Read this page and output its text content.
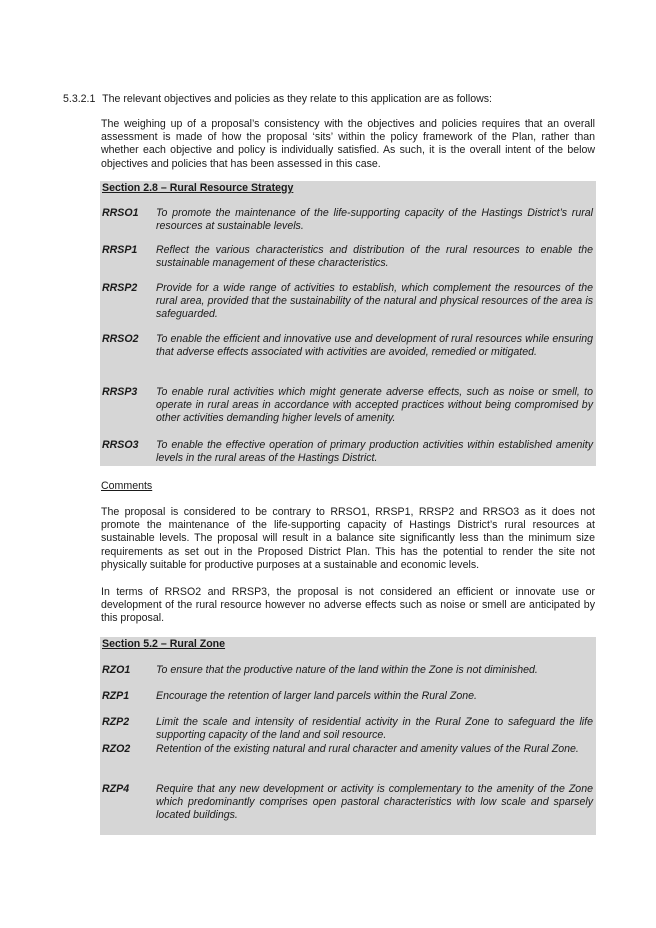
5.3.2.1 The relevant objectives and policies as they relate to this application are as follows:
The weighing up of a proposal’s consistency with the objectives and policies requires that an overall assessment is made of how the proposal ‘sits’ within the policy framework of the Plan, rather than whether each objective and policy is individually satisfied. As such, it is the overall intent of the below objectives and policies that has been assessed in this case.
Section 2.8 – Rural Resource Strategy
RRSO1 To promote the maintenance of the life-supporting capacity of the Hastings District’s rural resources at sustainable levels.
RRSP1 Reflect the various characteristics and distribution of the rural resources to enable the sustainable management of these characteristics.
RRSP2 Provide for a wide range of activities to establish, which complement the resources of the rural area, provided that the sustainability of the natural and physical resources of the area is safeguarded.
RRSO2 To enable the efficient and innovative use and development of rural resources while ensuring that adverse effects associated with activities are avoided, remedied or mitigated.
RRSP3 To enable rural activities which might generate adverse effects, such as noise or smell, to operate in rural areas in accordance with accepted practices without being compromised by other activities demanding higher levels of amenity.
RRSO3 To enable the effective operation of primary production activities within established amenity levels in the rural areas of the Hastings District.
Comments
The proposal is considered to be contrary to RRSO1, RRSP1, RRSP2 and RRSO3 as it does not promote the maintenance of the life-supporting capacity of Hastings District’s rural resources at sustainable levels. The proposal will result in a balance site significantly less than the minimum size requirements as set out in the Proposed District Plan. This has the potential to render the site not physically suitable for productive purposes at a sustainable and economic levels.
In terms of RRSO2 and RRSP3, the proposal is not considered an efficient or innovate use or development of the rural resource however no adverse effects such as noise or smell are anticipated by this proposal.
Section 5.2 – Rural Zone
RZO1 To ensure that the productive nature of the land within the Zone is not diminished.
RZP1	Encourage the retention of larger land parcels within the Rural Zone.
RZP2	Limit the scale and intensity of residential activity in the Rural Zone to safeguard the life supporting capacity of the land and soil resource.
RZO2 Retention of the existing natural and rural character and amenity values of the Rural Zone.
RZP4	Require that any new development or activity is complementary to the amenity of the Zone which predominantly comprises open pastoral characteristics with low scale and sparsely located buildings.
